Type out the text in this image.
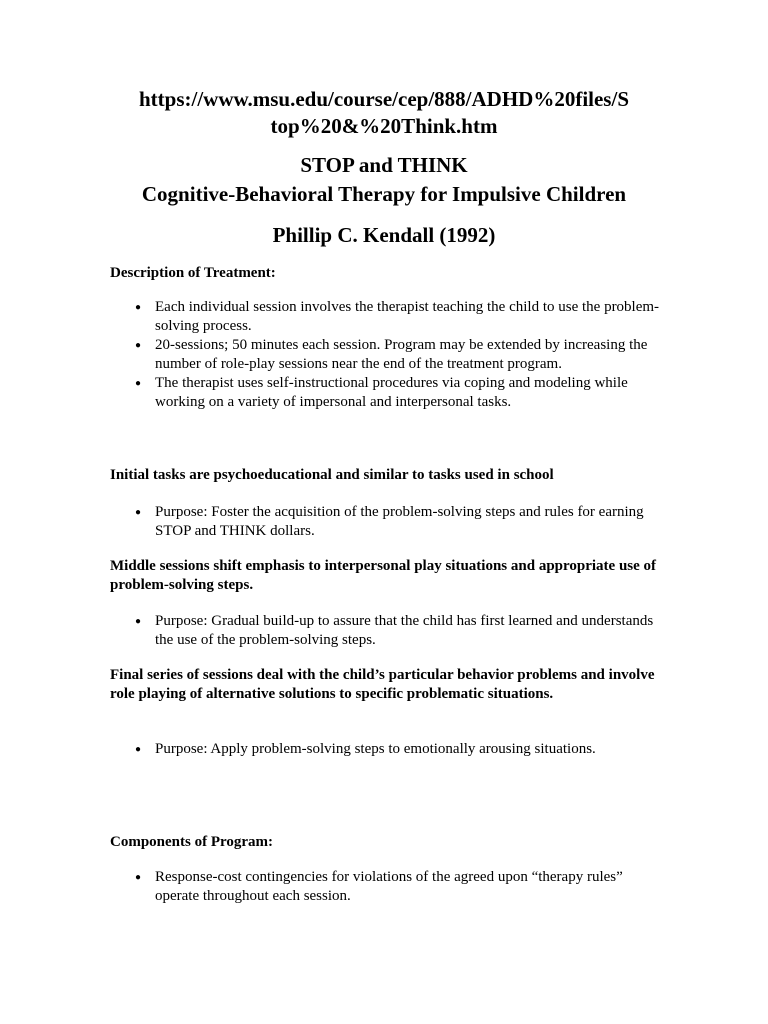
https://www.msu.edu/course/cep/888/ADHD%20files/S
top%20&%20Think.htm
STOP and THINK
Cognitive-Behavioral Therapy for Impulsive Children
Phillip C. Kendall (1992)
Description of Treatment:
● Each individual session involves the therapist teaching the child to use the problem-solving process.
● 20-sessions; 50 minutes each session. Program may be extended by increasing the number of role-play sessions near the end of the treatment program.
● The therapist uses self-instructional procedures via coping and modeling while working on a variety of impersonal and interpersonal tasks.
Initial tasks are psychoeducational and similar to tasks used in school
● Purpose: Foster the acquisition of the problem-solving steps and rules for earning STOP and THINK dollars.
Middle sessions shift emphasis to interpersonal play situations and appropriate use of problem-solving steps.
● Purpose: Gradual build-up to assure that the child has first learned and understands the use of the problem-solving steps.
Final series of sessions deal with the child’s particular behavior problems and involve role playing of alternative solutions to specific problematic situations.
● Purpose: Apply problem-solving steps to emotionally arousing situations.
Components of Program:
● Response-cost contingencies for violations of the agreed upon “therapy rules” operate throughout each session.
